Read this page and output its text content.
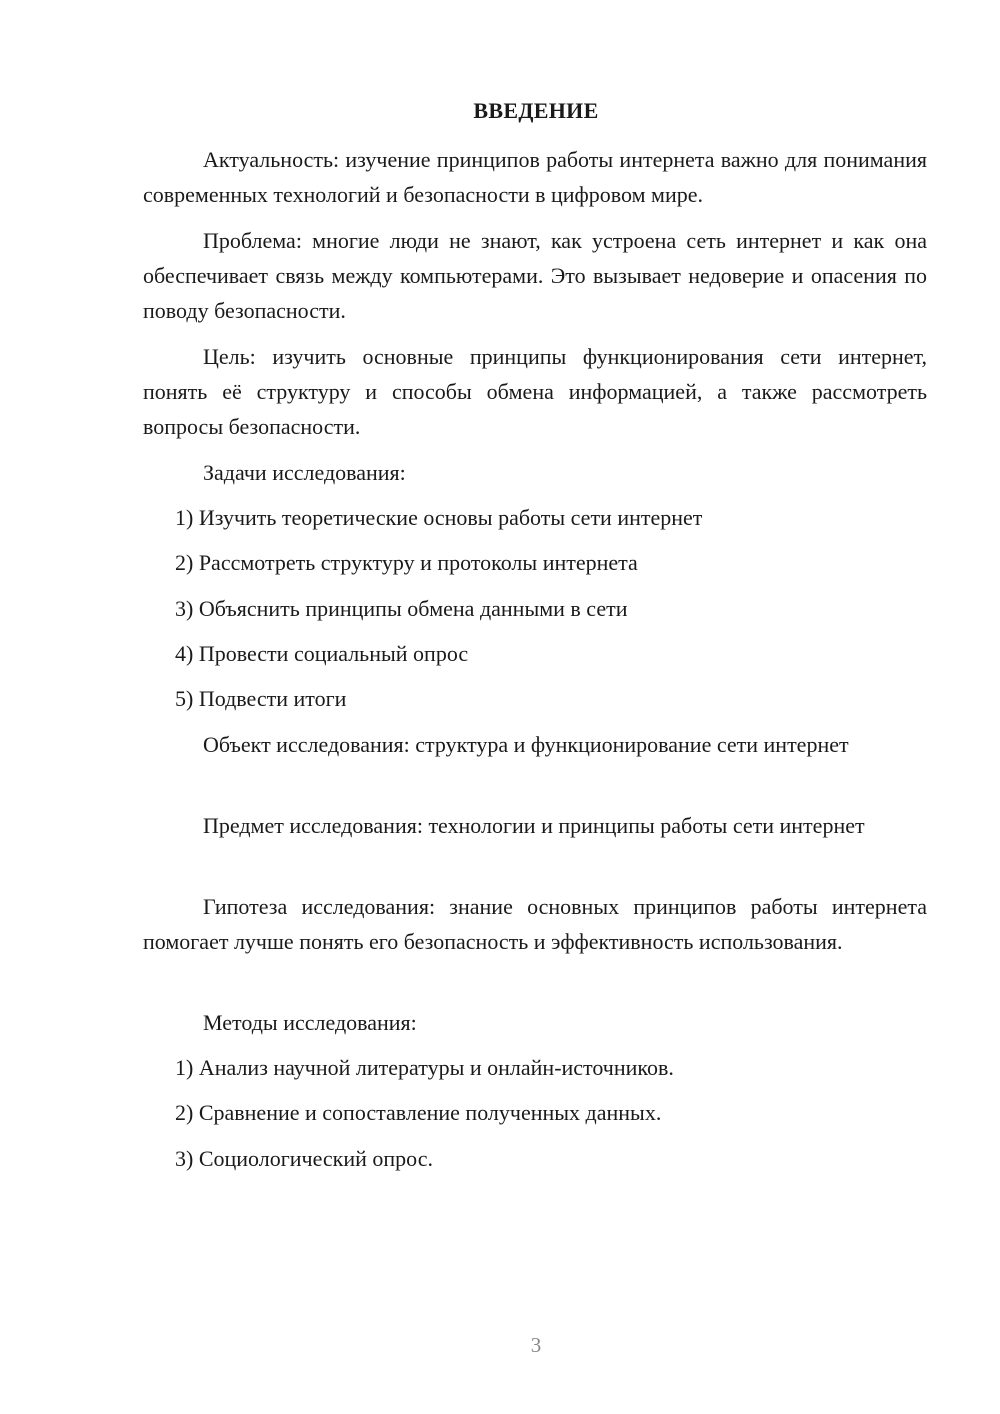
ВВЕДЕНИЕ

Актуальность: изучение принципов работы интернета важно для понимания современных технологий и безопасности в цифровом мире.

Проблема: многие люди не знают, как устроена сеть интернет и как она обеспечивает связь между компьютерами. Это вызывает недоверие и опасения по поводу безопасности.

Цель: изучить основные принципы функционирования сети интернет, понять её структуру и способы обмена информацией, а также рассмотреть вопросы безопасности.

Задачи исследования:

1) Изучить теоретические основы работы сети интернет
2) Рассмотреть структуру и протоколы интернета
3) Объяснить принципы обмена данными в сети
4) Провести социальный опрос
5) Подвести итоги

Объект исследования: структура и функционирование сети интернет

Предмет исследования: технологии и принципы работы сети интернет

Гипотеза исследования: знание основных принципов работы интернета помогает лучше понять его безопасность и эффективность использования.

Методы исследования:

1) Анализ научной литературы и онлайн-источников.
2) Сравнение и сопоставление полученных данных.
3) Социологический опрос.
3
